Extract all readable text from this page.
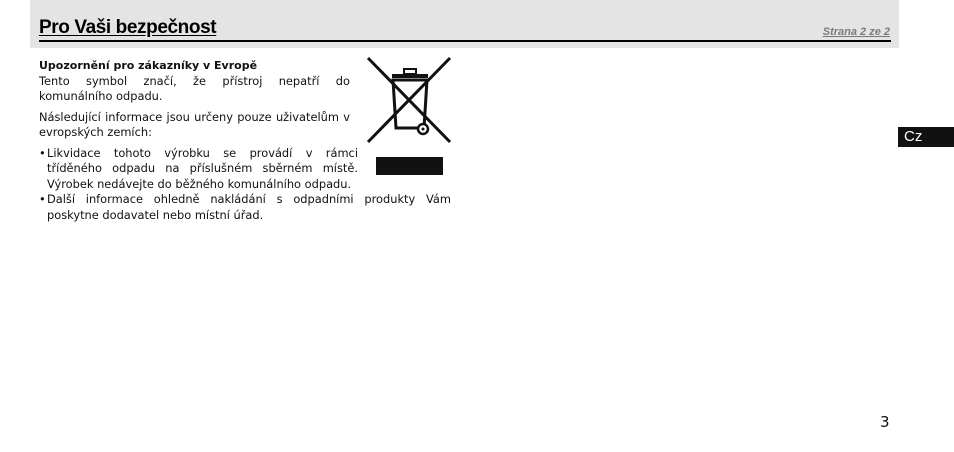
Pro Vaši bezpečnost	Strana 2 ze 2

Upozornění pro zákazníky v Evropě

Tento symbol značí, že přístroj nepatří do komunálního odpadu.

Následující informace jsou určeny pouze uživatelům v evropských zemích:

• Likvidace tohoto výrobku se provádí v rámci tříděného odpadu na příslušném sběrném místě. Výrobek nedávejte do běžného komunálního odpadu.
• Další informace ohledně nakládání s odpadními produkty Vám poskytne dodavatel nebo místní úřad.
Cz
3
